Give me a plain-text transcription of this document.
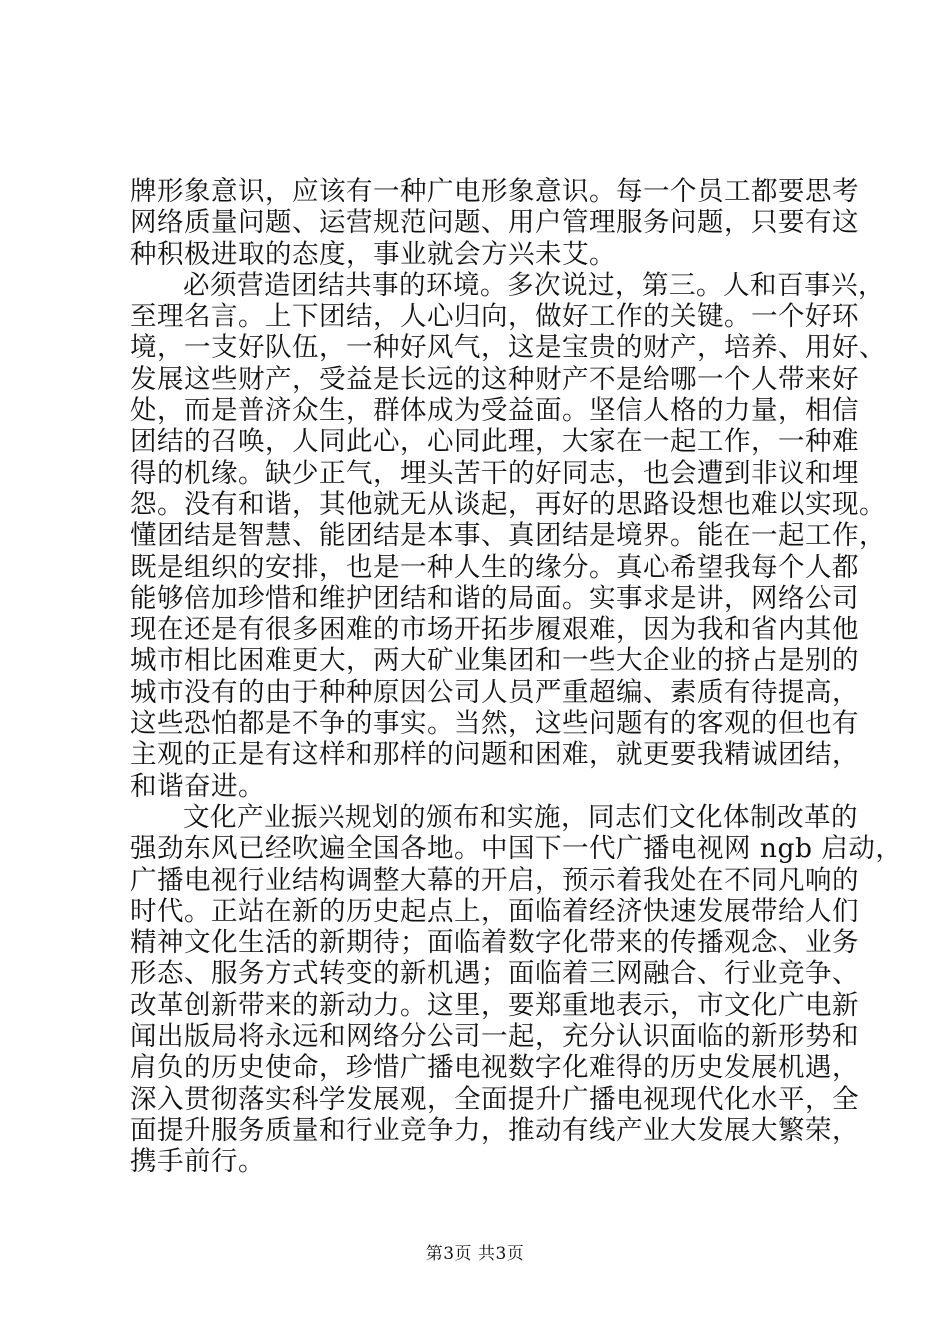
牌形象意识，应该有一种广电形象意识。每一个员工都要思考
网络质量问题、运营规范问题、用户管理服务问题，只要有这
种积极进取的态度，事业就会方兴未艾。
必须营造团结共事的环境。多次说过，第三。人和百事兴，
至理名言。上下团结，人心归向，做好工作的关键。一个好环
境，一支好队伍，一种好风气，这是宝贵的财产，培养、用好、
发展这些财产，受益是长远的这种财产不是给哪一个人带来好
处，而是普济众生，群体成为受益面。坚信人格的力量，相信
团结的召唤，人同此心，心同此理，大家在一起工作，一种难
得的机缘。缺少正气，埋头苦干的好同志，也会遭到非议和埋
怨。没有和谐，其他就无从谈起，再好的思路设想也难以实现。
懂团结是智慧、能团结是本事、真团结是境界。能在一起工作，
既是组织的安排，也是一种人生的缘分。真心希望我每个人都
能够倍加珍惜和维护团结和谐的局面。实事求是讲，网络公司
现在还是有很多困难的市场开拓步履艰难，因为我和省内其他
城市相比困难更大，两大矿业集团和一些大企业的挤占是别的
城市没有的由于种种原因公司人员严重超编、素质有待提高，
这些恐怕都是不争的事实。当然，这些问题有的客观的但也有
主观的正是有这样和那样的问题和困难，就更要我精诚团结，
和谐奋进。
文化产业振兴规划的颁布和实施，同志们文化体制改革的
强劲东风已经吹遍全国各地。中国下一代广播电视网 ngb 启动，
广播电视行业结构调整大幕的开启，预示着我处在不同凡响的
时代。正站在新的历史起点上，面临着经济快速发展带给人们
精神文化生活的新期待；面临着数字化带来的传播观念、业务
形态、服务方式转变的新机遇；面临着三网融合、行业竞争、
改革创新带来的新动力。这里，要郑重地表示，市文化广电新
闻出版局将永远和网络分公司一起，充分认识面临的新形势和
肩负的历史使命，珍惜广播电视数字化难得的历史发展机遇，
深入贯彻落实科学发展观，全面提升广播电视现代化水平，全
面提升服务质量和行业竞争力，推动有线产业大发展大繁荣，
携手前行。
第3页 共3页
